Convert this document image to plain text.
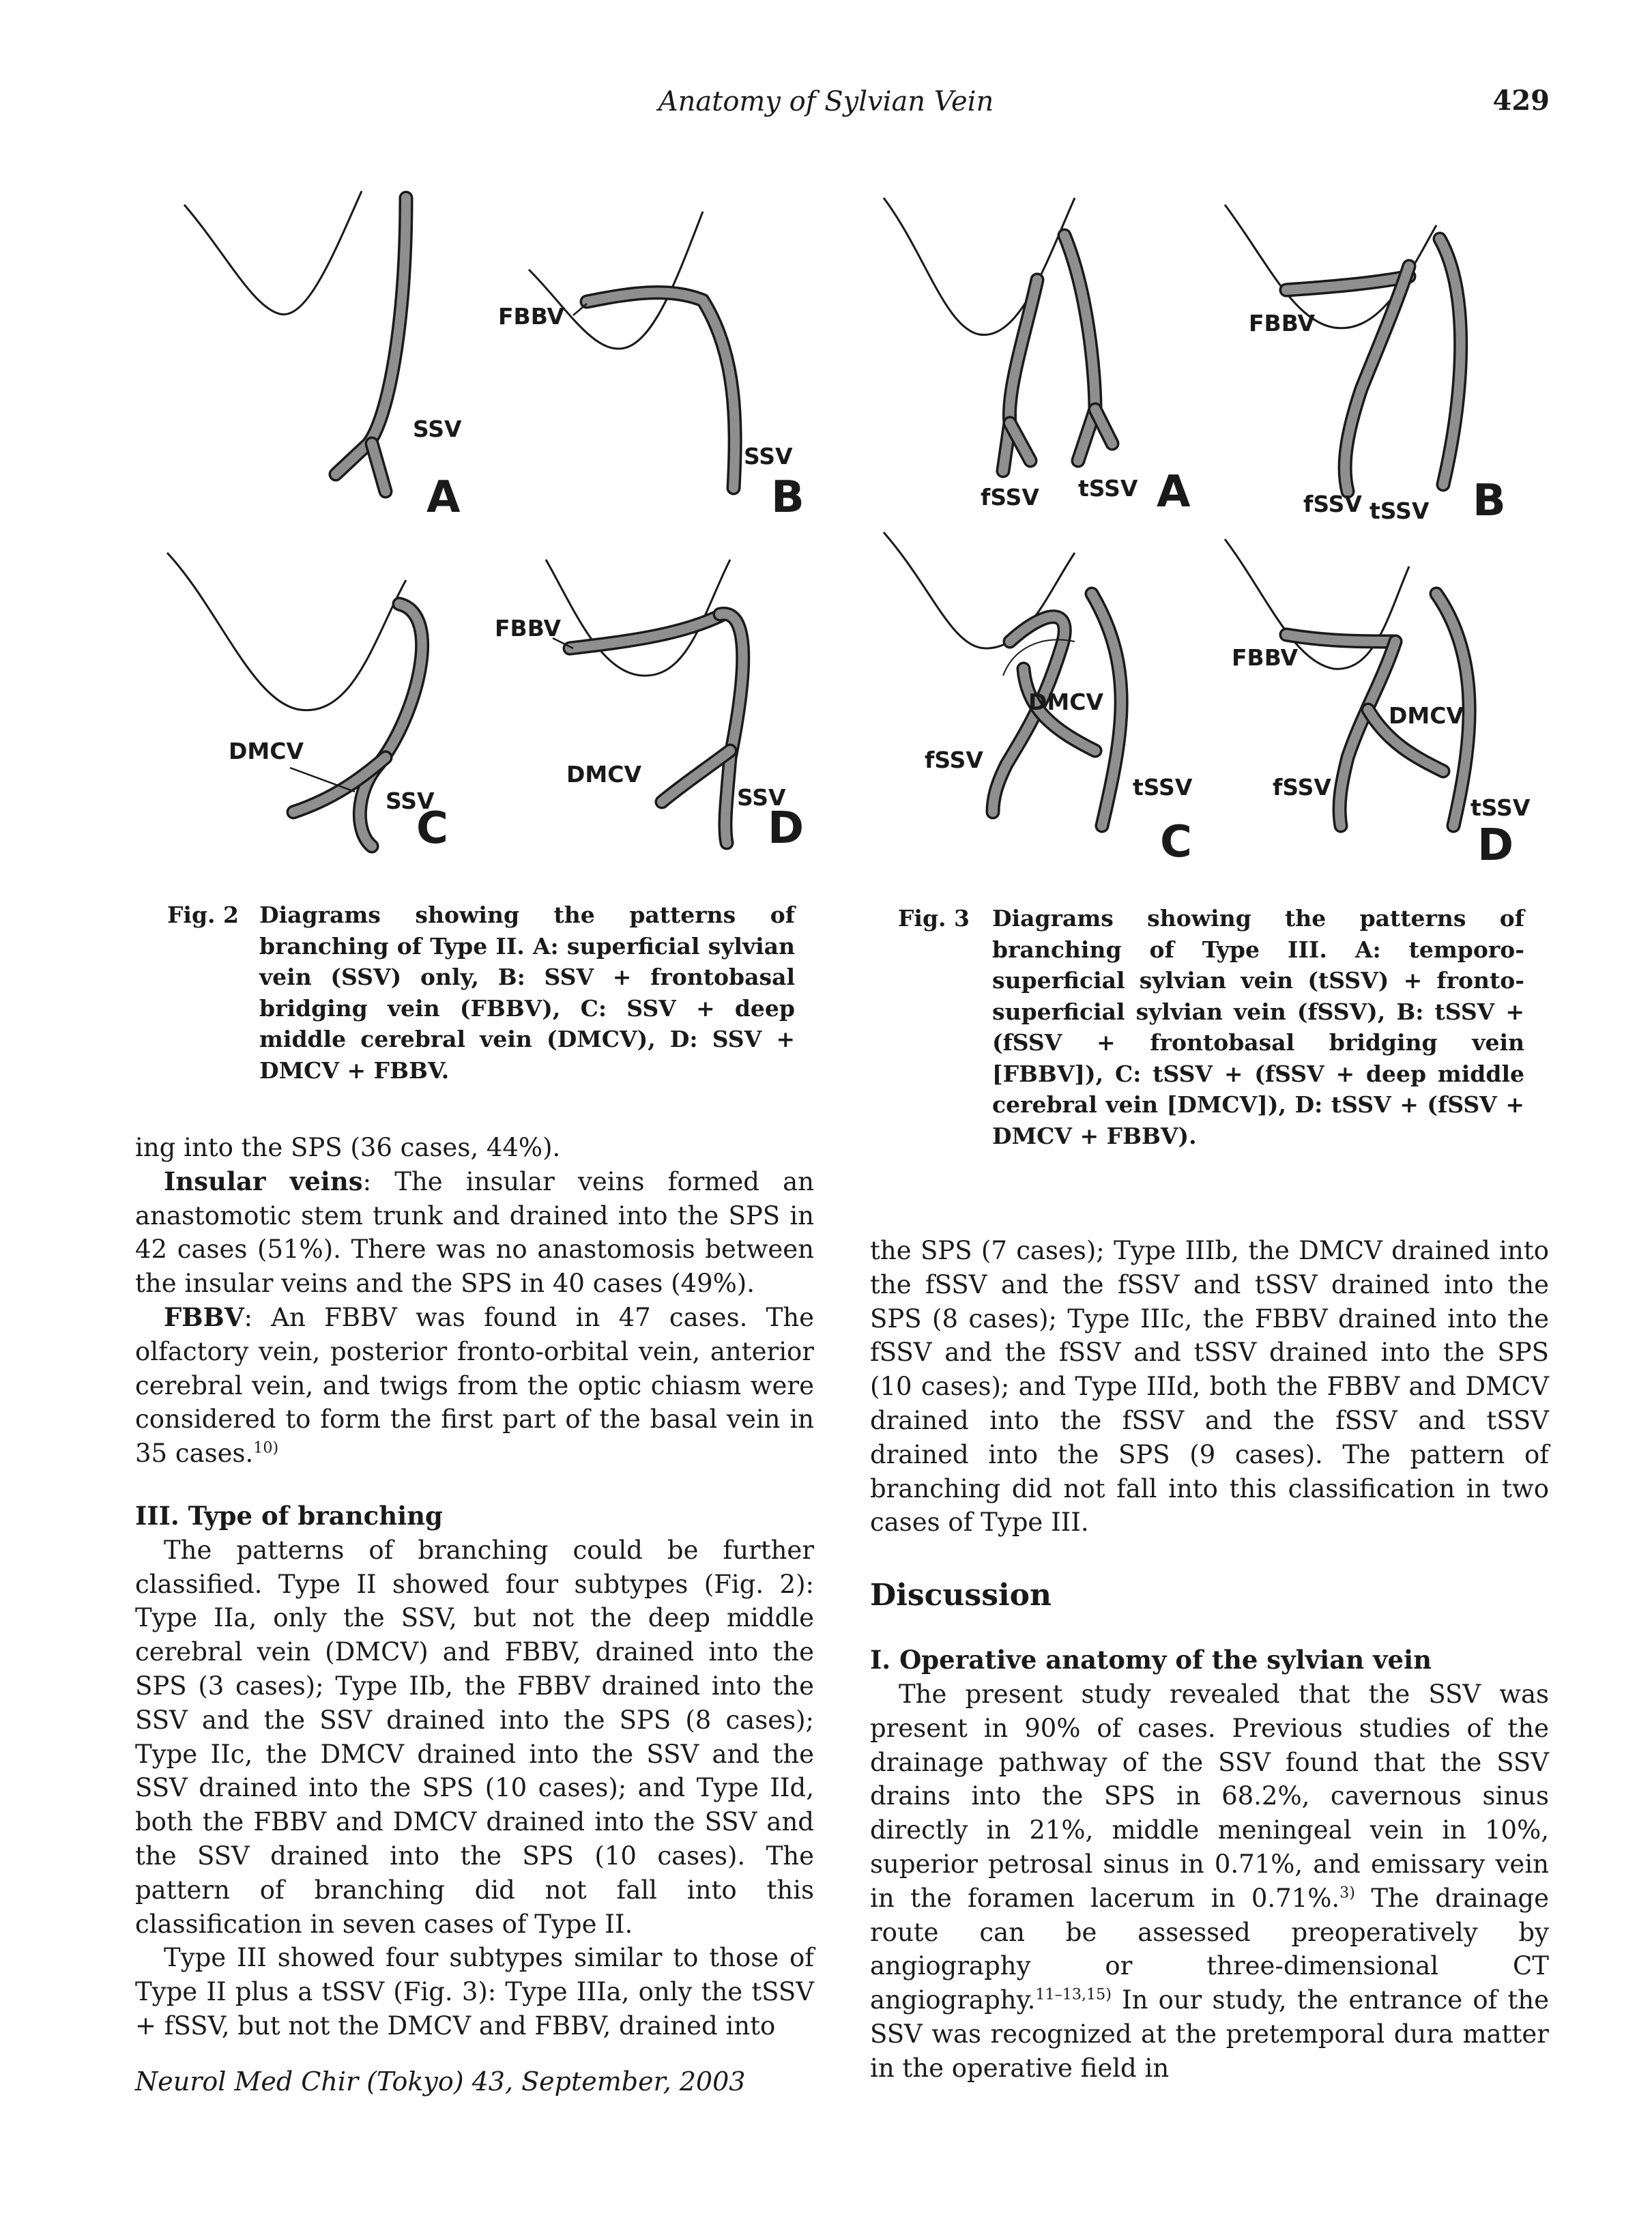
Anatomy of Sylvian Vein	429
SSV
A
FBBV
SSV
B
DMCV
SSV
C
FBBV
DMCV
SSV
D
fSSV tSSV A
FBBV
fSSV tSSV B
DMCV
fSSV
tSSV
C
FBBV
DMCV
fSSV
tSSV
D
Fig. 2 Diagrams showing the patterns of branching of Type II. A: superficial sylvian vein (SSV) only, B: SSV + frontobasal bridging vein (FBBV), C: SSV + deep middle cerebral vein (DMCV), D: SSV + DMCV + FBBV.
Fig. 3 Diagrams showing the patterns of branching of Type III. A: temporo-superficial sylvian vein (tSSV) + fronto-superficial sylvian vein (fSSV), B: tSSV + (fSSV + frontobasal bridging vein [FBBV]), C: tSSV + (fSSV + deep middle cerebral vein [DMCV]), D: tSSV + (fSSV + DMCV + FBBV).

ing into the SPS (36 cases, 44%).

Insular veins: The insular veins formed an anastomotic stem trunk and drained into the SPS in 42 cases (51%). There was no anastomosis between the insular veins and the SPS in 40 cases (49%).

FBBV: An FBBV was found in 47 cases. The olfactory vein, posterior fronto-orbital vein, anterior cerebral vein, and twigs from the optic chiasm were considered to form the first part of the basal vein in 35 cases.$^{10)}$

III. Type of branching

The patterns of branching could be further classified. Type II showed four subtypes (Fig. 2): Type IIa, only the SSV, but not the deep middle cerebral vein (DMCV) and FBBV, drained into the SPS (3 cases); Type IIb, the FBBV drained into the SSV and the SSV drained into the SPS (8 cases); Type IIc, the DMCV drained into the SSV and the SSV drained into the SPS (10 cases); and Type IId, both the FBBV and DMCV drained into the SSV and the SSV drained into the SPS (10 cases). The pattern of branching did not fall into this classification in seven cases of Type II.

Type III showed four subtypes similar to those of Type II plus a tSSV (Fig. 3): Type IIIa, only the tSSV + fSSV, but not the DMCV and FBBV, drained into

the SPS (7 cases); Type IIIb, the DMCV drained into the fSSV and the fSSV and tSSV drained into the SPS (8 cases); Type IIIc, the FBBV drained into the fSSV and the fSSV and tSSV drained into the SPS (10 cases); and Type IIId, both the FBBV and DMCV drained into the fSSV and the fSSV and tSSV drained into the SPS (9 cases). The pattern of branching did not fall into this classification in two cases of Type III.

Discussion

I. Operative anatomy of the sylvian vein

The present study revealed that the SSV was present in 90% of cases. Previous studies of the drainage pathway of the SSV found that the SSV drains into the SPS in 68.2%, cavernous sinus directly in 21%, middle meningeal vein in 10%, superior petrosal sinus in 0.71%, and emissary vein in the foramen lacerum in 0.71%.$^{3)}$ The drainage route can be assessed preoperatively by angiography or three-dimensional CT angiography.$^{11-13,15)}$ In our study, the entrance of the SSV was recognized at the pretemporal dura matter in the operative field in

Neurol Med Chir (Tokyo) 43, September, 2003
